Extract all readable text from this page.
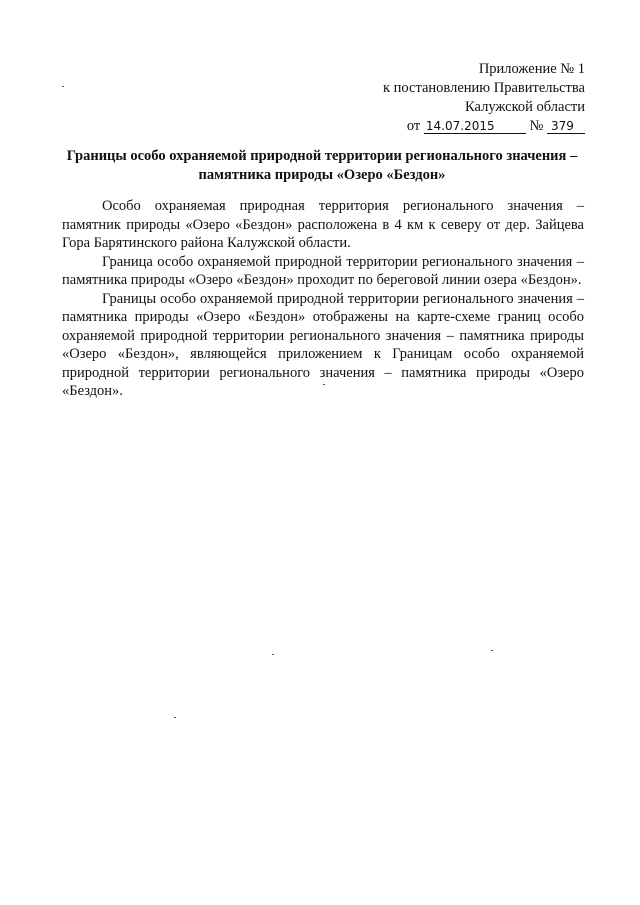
Приложение № 1
к постановлению Правительства
Калужской области
от 14.07.2015 № 379
Границы особо охраняемой природной территории регионального значения –
памятника природы «Озеро «Бездон»

Особо охраняемая природная территория регионального значения – памятник природы «Озеро «Бездон» расположена в 4 км к северу от дер. Зайцева Гора Барятинского района Калужской области.

Граница особо охраняемой природной территории регионального значения – памятника природы «Озеро «Бездон» проходит по береговой линии озера «Бездон».

Границы особо охраняемой природной территории регионального значения – памятника природы «Озеро «Бездон» отображены на карте-схеме границ особо охраняемой природной территории регионального значения – памятника природы «Озеро «Бездон», являющейся приложением к Границам особо охраняемой природной территории регионального значения – памятника природы «Озеро «Бездон».
